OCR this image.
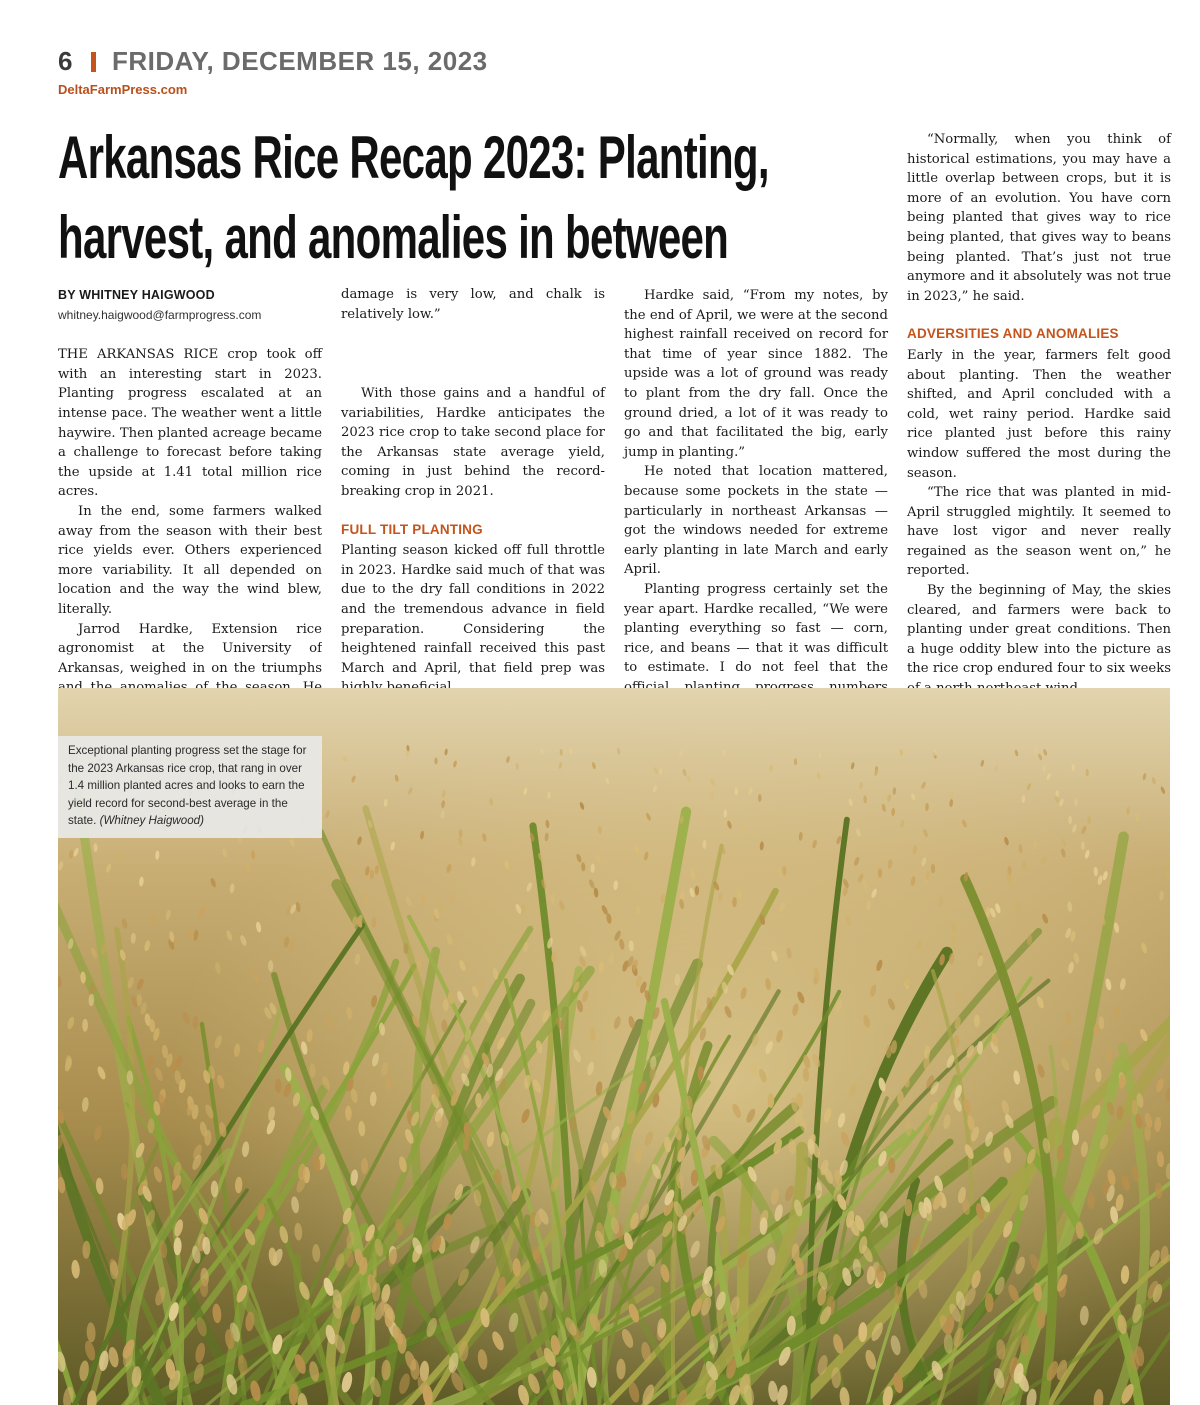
6 FRIDAY, DECEMBER 15, 2023
DeltaFarmPress.com
Arkansas Rice Recap 2023: Planting,
harvest, and anomalies in between
BY WHITNEY HAIGWOOD
whitney.haigwood@farmprogress.com

THE ARKANSAS RICE crop took off with an interesting start in 2023. Planting progress escalated at an intense pace. The weather went a little haywire. Then planted acreage became a challenge to forecast before taking the upside at 1.41 total million rice acres.

In the end, some farmers walked away from the season with their best rice yields ever. Others experienced more variability. It all depended on location and the way the wind blew, literally.

Jarrod Hardke, Extension rice agronomist at the University of Arkansas, weighed in on the triumphs

damage is very low, and chalk is relatively low.”

With those gains and a handful of variabilities, Hardke anticipates the 2023 rice crop to take second place for the Arkansas state average yield, coming in just behind the record-breaking crop in 2021.

FULL TILT PLANTING

Planting season kicked off full throttle in 2023. Hardke said much of that was due to the dry fall conditions in 2022 and the tremendous advance in field preparation. Considering the heightened rainfall received this past March and April, that field prep was

Hardke said, “From my notes, by the end of April, we were at the second highest rainfall received on record for that time of year since 1882. The upside was a lot of ground was ready to plant from the dry fall. Once the ground dried, a lot of it was ready to go and that facilitated the big, early jump in planting.”

He noted that location mattered, because some pockets in the state — particularly in northeast Arkansas — got the windows needed for extreme early planting in late March and early April.

Planting progress certainly set the year apart. Hardke recalled, “We were planting everything so fast — corn, rice, and beans — that it was difficult to estimate. I do not feel that the

“Normally, when you think of historical estimations, you may have a little overlap between crops, but it is more of an evolution. You have corn being planted that gives way to rice being planted, that gives way to beans being planted. That’s just not true anymore and it absolutely was not true in 2023,” he said.

ADVERSITIES AND ANOMALIES

Early in the year, farmers felt good about planting. Then the weather shifted, and April concluded with a cold, wet rainy period. Hardke said rice planted just before this rainy window suffered the most during the season.

“The rice that was planted in mid-April struggled mightily. It seemed to have lost vigor and never really regained as the season went on,” he reported.

By the beginning of May, the skies cleared, and farmers were back to planting under great conditions. Then a huge oddity blew into the picture as the rice crop endured four to six weeks

Exceptional planting progress set the stage for the 2023 Arkansas rice crop, that rang in over 1.4 million planted acres and looks to earn the yield record for second-best average in the state. (Whitney Haigwood)
